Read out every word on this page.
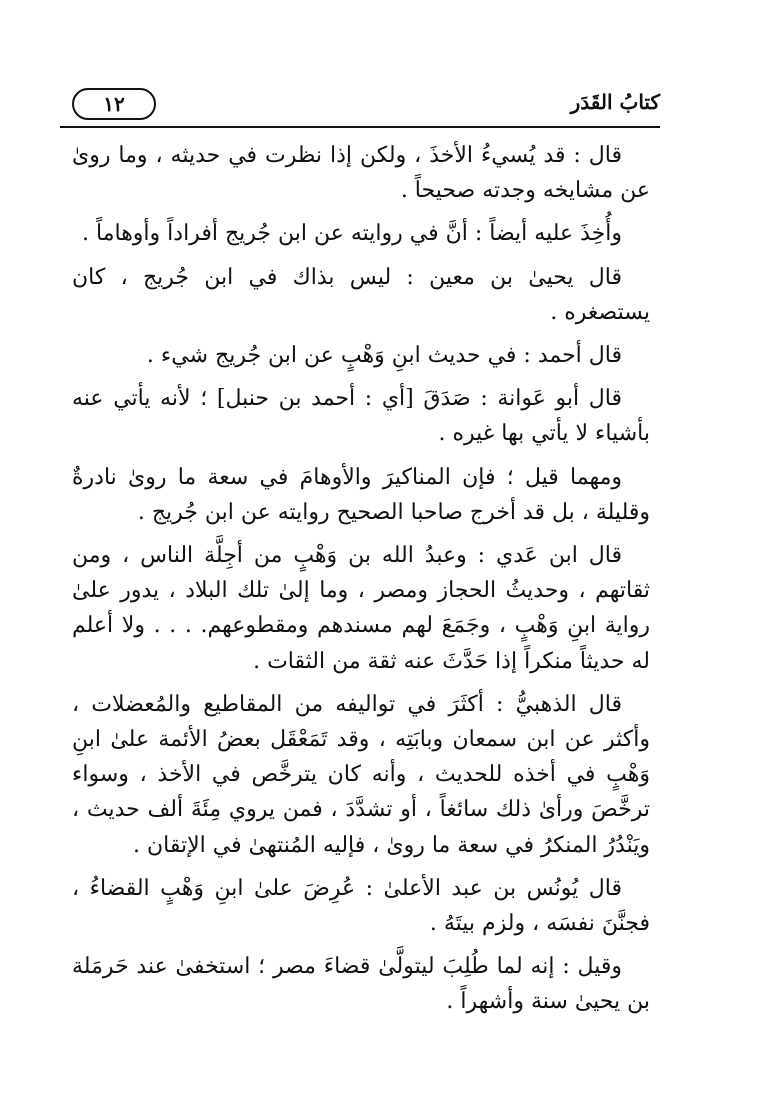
كتابُ القَدَر
١٢

قال : قد يُسيءُ الأخذَ ، ولكن إذا نظرت في حديثه ، وما روىٰ عن مشايخه وجدته صحيحاً .

وأُخِذَ عليه أيضاً : أنَّ في روايته عن ابن جُريج أفراداً وأوهاماً .

قال يحيىٰ بن معين : ليس بذاك في ابن جُريج ، كان يستصغره .

قال أحمد : في حديث ابنِ وَهْبٍ عن ابن جُريج شيء .

قال أبو عَوانة : صَدَقَ [أي : أحمد بن حنبل] ؛ لأنه يأتي عنه بأشياء لا يأتي بها غيره .

ومهما قيل ؛ فإن المناكيرَ والأوهامَ في سعة ما روىٰ نادرةٌ وقليلة ، بل قد أخرج صاحبا الصحيح روايته عن ابن جُريج .

قال ابن عَدي : وعبدُ الله بن وَهْبٍ من أجِلَّة الناس ، ومن ثقاتهم ، وحديثُ الحجاز ومصر ، وما إلىٰ تلك البلاد ، يدور علىٰ رواية ابنِ وَهْبٍ ، وجَمَعَ لهم مسندهم ومقطوعهم. . . . ولا أعلم له حديثاً منكراً إذا حَدَّثَ عنه ثقة من الثقات .

قال الذهبيُّ : أكثَرَ في تواليفه من المقاطيع والمُعضلات ، وأكثر عن ابن سمعان وبابَتِه ، وقد تَمَعْقَل بعضُ الأئمة علىٰ ابنِ وَهْبٍ في أخذه للحديث ، وأنه كان يترخَّص في الأخذ ، وسواء ترخَّصَ ورأىٰ ذلك سائغاً ، أو تشدَّدَ ، فمن يروي مِئَةَ ألف حديث ، ويَنْدُرُ المنكرُ في سعة ما روىٰ ، فإليه المُنتهىٰ في الإتقان .

قال يُونُس بن عبد الأعلىٰ : عُرِضَ علىٰ ابنِ وَهْبٍ القضاءُ ، فجنَّنَ نفسَه ، ولزم بيتَهُ .

وقيل : إنه لما طُلِبَ ليتولَّىٰ قضاءَ مصر ؛ استخفىٰ عند حَرمَلة بن يحيىٰ سنة وأشهراً .
